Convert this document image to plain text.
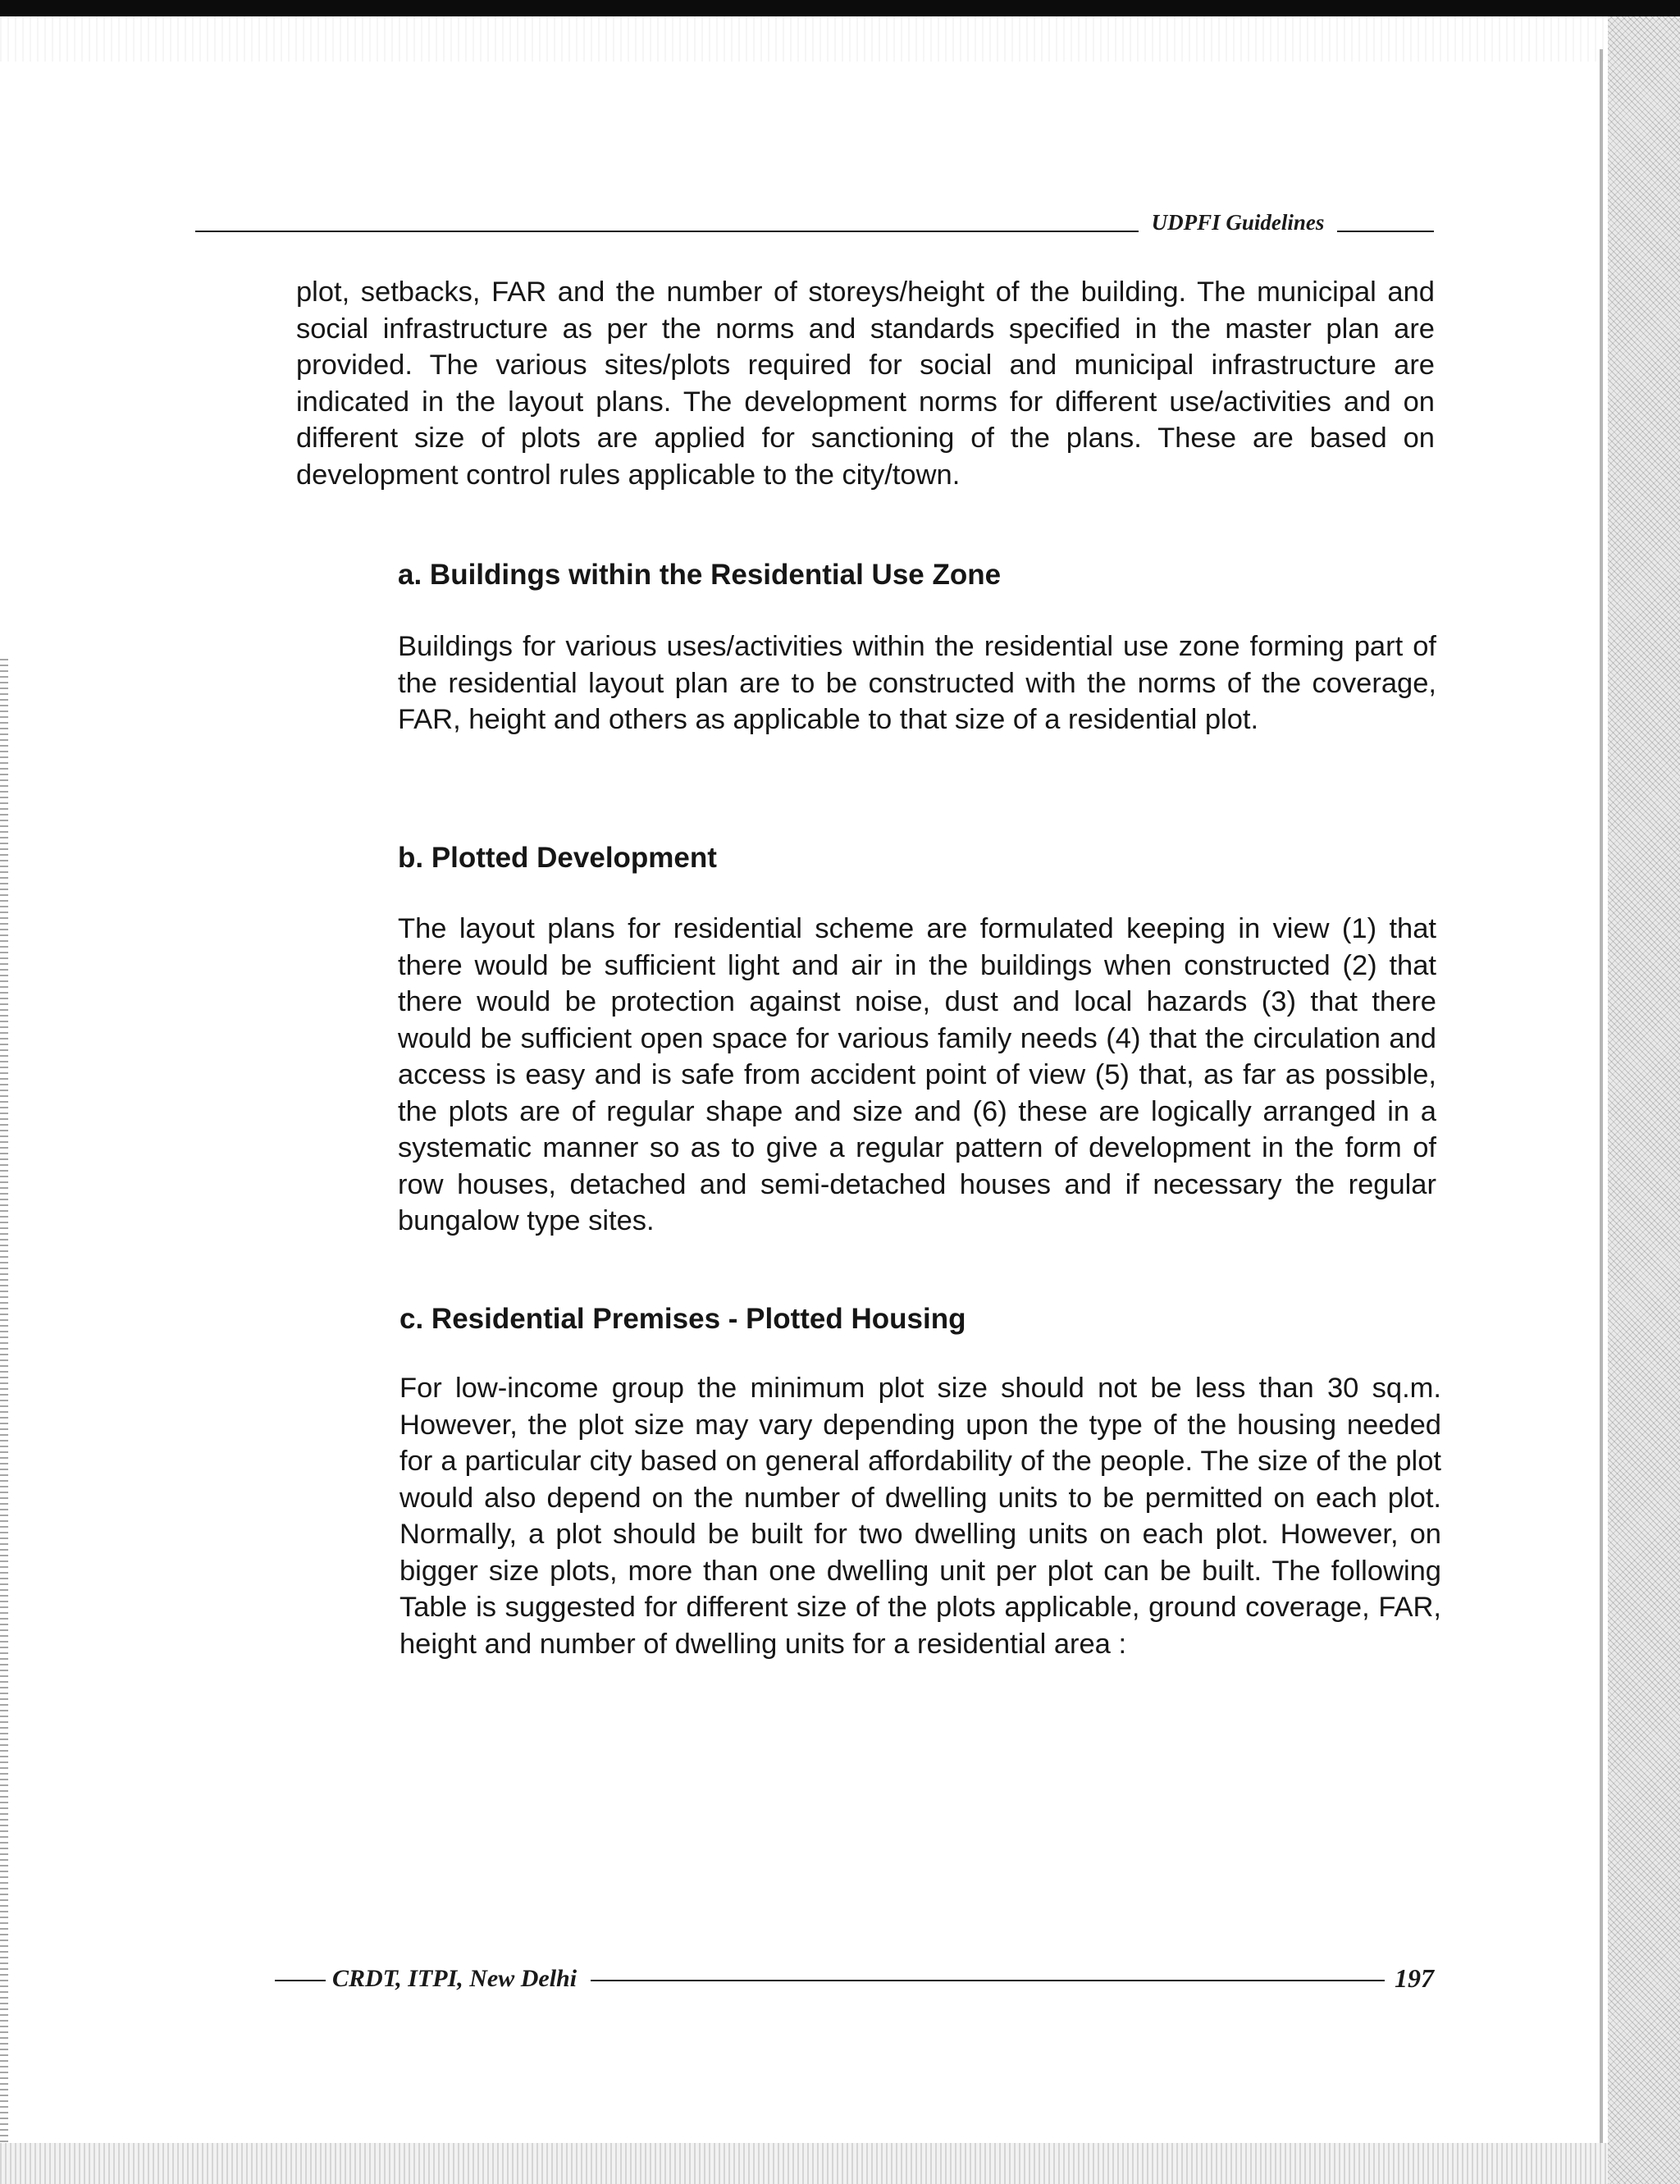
UDPFI Guidelines

plot, setbacks, FAR and the number of storeys/height of the building. The municipal and social infrastructure as per the norms and standards specified in the master plan are provided. The various sites/plots required for social and municipal infrastructure are indicated in the layout plans. The development norms for different use/activities and on different size of plots are applied for sanctioning of the plans. These are based on development control rules applicable to the city/town.

a. Buildings within the Residential Use Zone

Buildings for various uses/activities within the residential use zone forming part of the residential layout plan are to be constructed with the norms of the coverage, FAR, height and others as applicable to that size of a residential plot.

b. Plotted Development

The layout plans for residential scheme are formulated keeping in view (1) that there would be sufficient light and air in the buildings when constructed (2) that there would be protection against noise, dust and local hazards (3) that there would be sufficient open space for various family needs (4) that the circulation and access is easy and is safe from accident point of view (5) that, as far as possible, the plots are of regular shape and size and (6) these are logically arranged in a systematic manner so as to give a regular pattern of development in the form of row houses, detached and semi-detached houses and if necessary the regular bungalow type sites.

c. Residential Premises - Plotted Housing

For low-income group the minimum plot size should not be less than 30 sq.m. However, the plot size may vary depending upon the type of the housing needed for a particular city based on general affordability of the people. The size of the plot would also depend on the number of dwelling units to be permitted on each plot. Normally, a plot should be built for two dwelling units on each plot. However, on bigger size plots, more than one dwelling unit per plot can be built. The following Table is suggested for different size of the plots applicable, ground coverage, FAR, height and number of dwelling units for a residential area :

CRDT, ITPI, New Delhi	197
